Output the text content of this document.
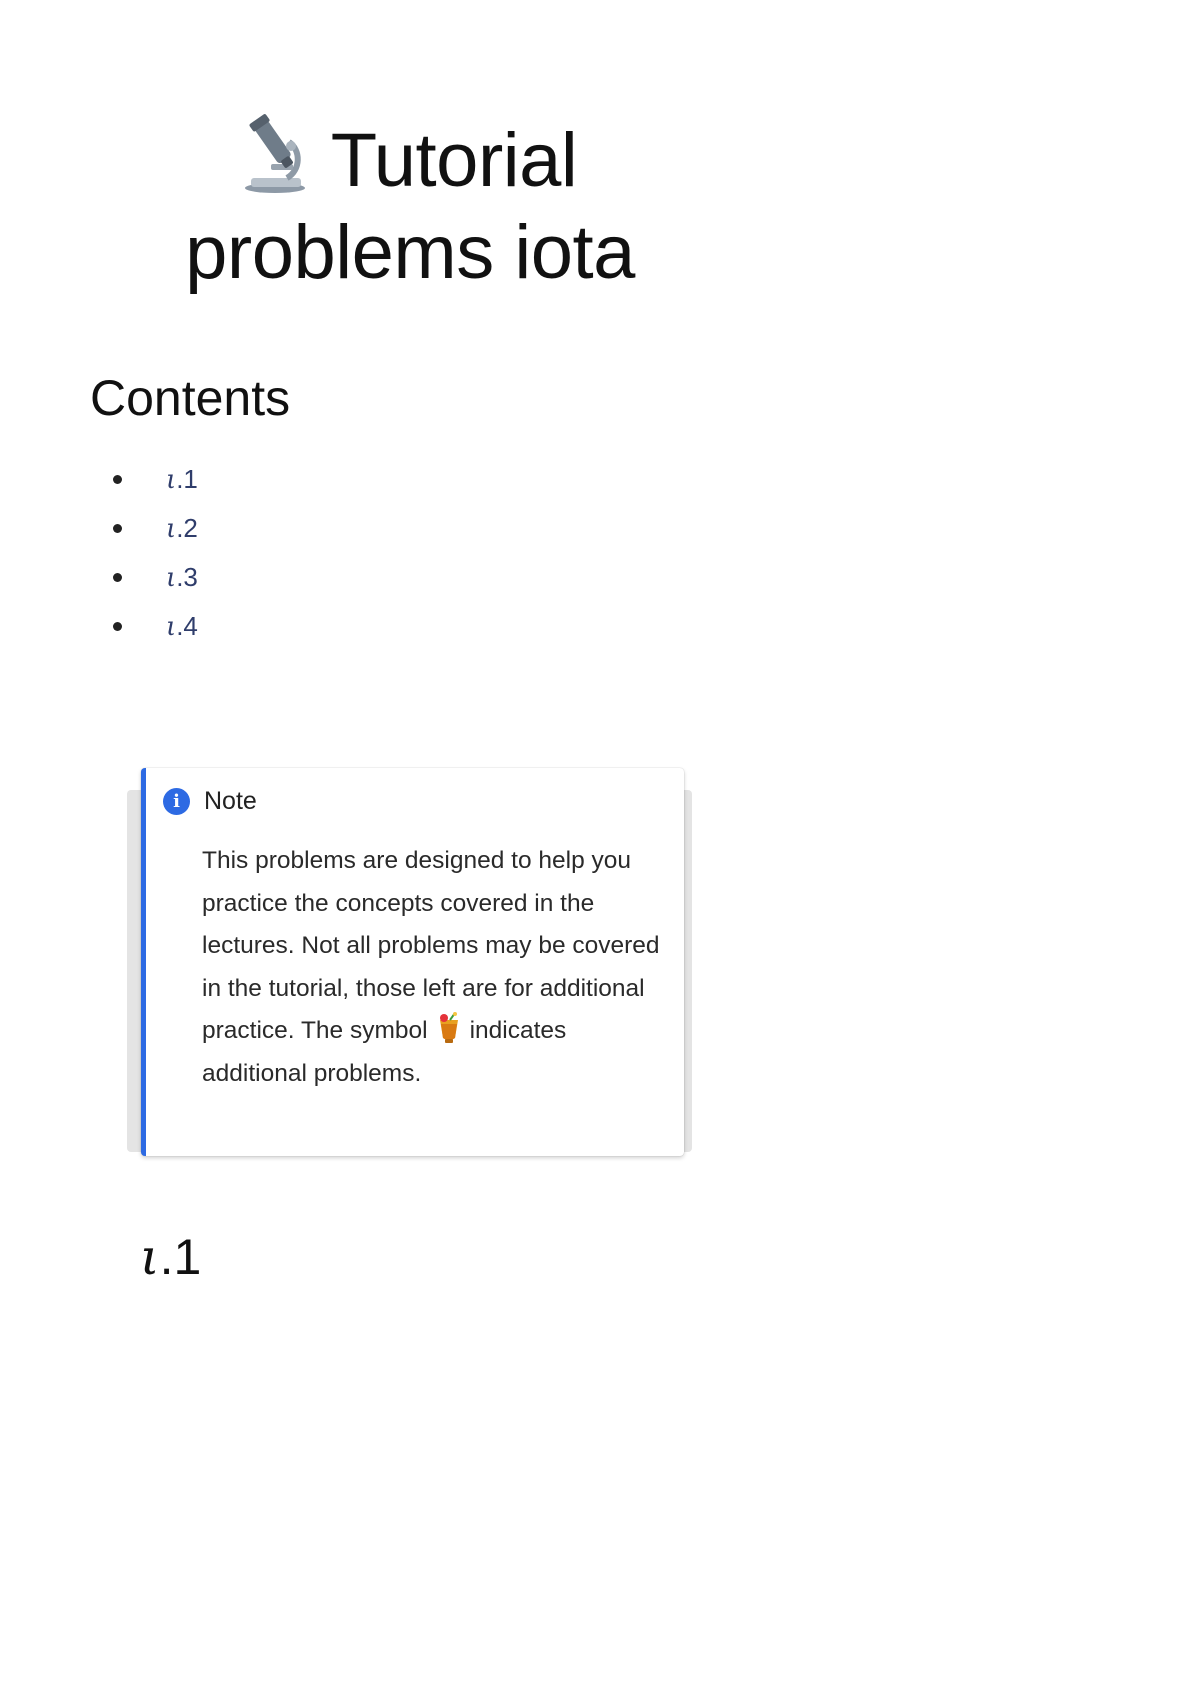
Tutorial problems iota
Contents
ι.1
ι.2
ι.3
ι.4
i Note
This problems are designed to help you practice the concepts covered in the lectures. Not all problems may be covered in the tutorial, those left are for additional practice. The symbol indicates additional problems.
ι.1
